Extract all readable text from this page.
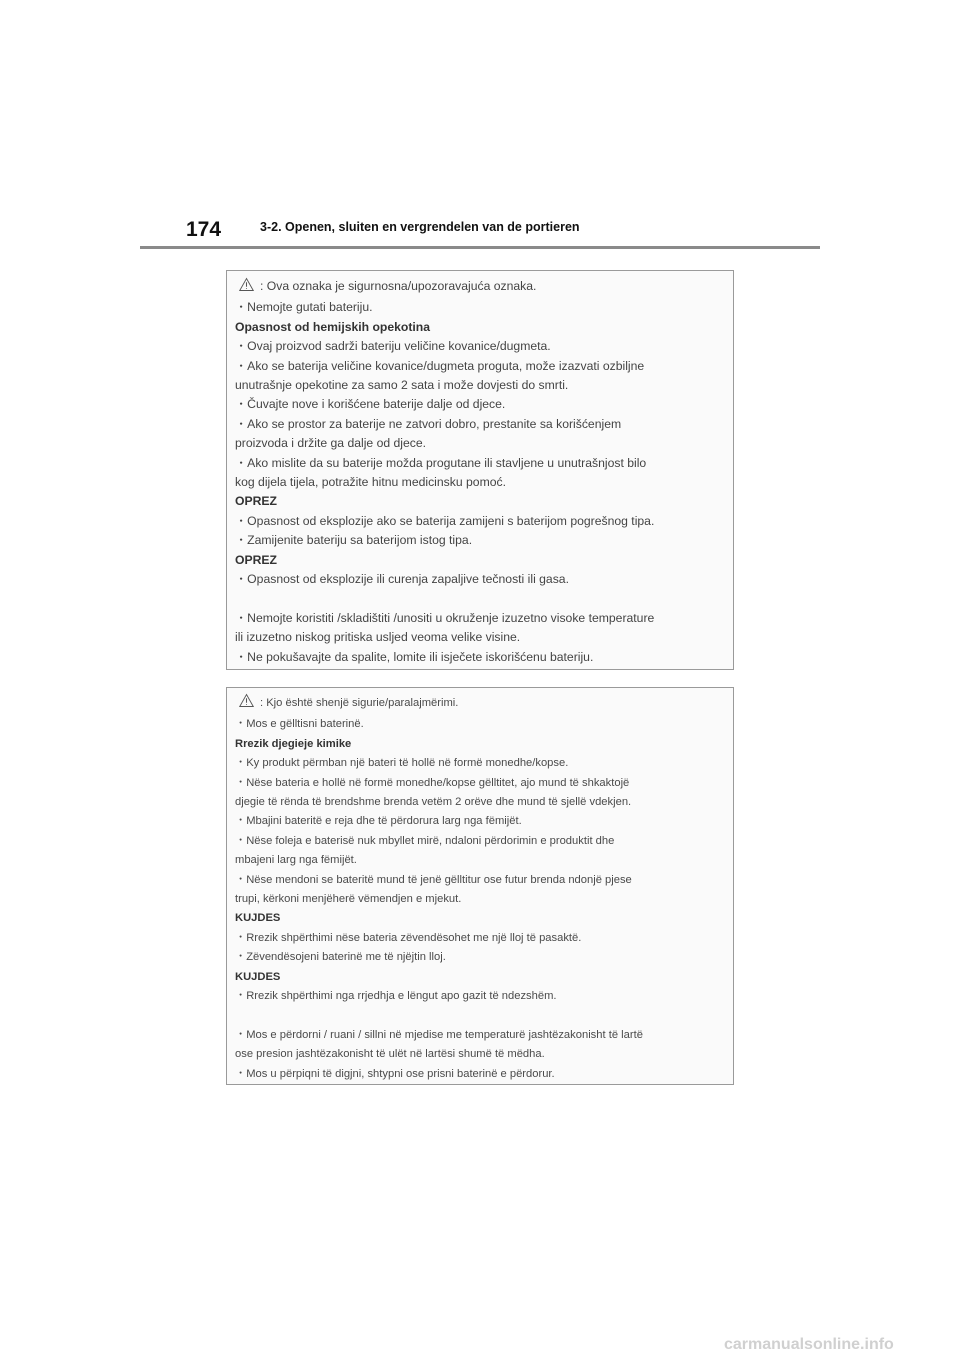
174	3-2. Openen, sluiten en vergrendelen van de portieren
: Ova oznaka je sigurnosna/upozoravajuća oznaka.
・Nemojte gutati bateriju.
Opasnost od hemijskih opekotina
・Ovaj proizvod sadrži bateriju veličine kovanice/dugmeta.
・Ako se baterija veličine kovanice/dugmeta proguta, može izazvati ozbiljne
unutrašnje opekotine za samo 2 sata i može dovjesti do smrti.
・Čuvajte nove i korišćene baterije dalje od djece.
・Ako se prostor za baterije ne zatvori dobro, prestanite sa korišćenjem
proizvoda i držite ga dalje od djece.
・Ako mislite da su baterije možda progutane ili stavljene u unutrašnjost bilo
kog dijela tijela, potražite hitnu medicinsku pomoć.
OPREZ
・Opasnost od eksplozije ako se baterija zamijeni s baterijom pogrešnog tipa.
・Zamijenite bateriju sa baterijom istog tipa.
OPREZ
・Opasnost od eksplozije ili curenja zapaljive tečnosti ili gasa.
・Nemojte koristiti /skladištiti /unositi u okruženje izuzetno visoke temperature
ili izuzetno niskog pritiska usljed veoma velike visine.
・Ne pokušavajte da spalite, lomite ili isječete iskorišćenu bateriju.
: Kjo është shenjë sigurie/paralajmërimi.
・Mos e gëlltisni baterinë.
Rrezik djegieje kimike
・Ky produkt përmban një bateri të hollë në formë monedhe/kopse.
・Nëse bateria e hollë në formë monedhe/kopse gëlltitet, ajo mund të shkaktojë
djegie të rënda të brendshme brenda vetëm 2 orëve dhe mund të sjellë vdekjen.
・Mbajini bateritë e reja dhe të përdorura larg nga fëmijët.
・Nëse foleja e baterisë nuk mbyllet mirë, ndaloni përdorimin e produktit dhe
mbajeni larg nga fëmijët.
・Nëse mendoni se bateritë mund të jenë gëlltitur ose futur brenda ndonjë pjese
trupi, kërkoni menjëherë vëmendjen e mjekut.
KUJDES
・Rrezik shpërthimi nëse bateria zëvendësohet me një lloj të pasaktë.
・Zëvendësojeni baterinë me të njëjtin lloj.
KUJDES
・Rrezik shpërthimi nga rrjedhja e lëngut apo gazit të ndezshëm.
・Mos e përdorni / ruani / sillni në mjedise me temperaturë jashtëzakonisht të lartë
ose presion jashtëzakonisht të ulët në lartësi shumë të mëdha.
・Mos u përpiqni të digjni, shtypni ose prisni baterinë e përdorur.
carmanualsonline.info
